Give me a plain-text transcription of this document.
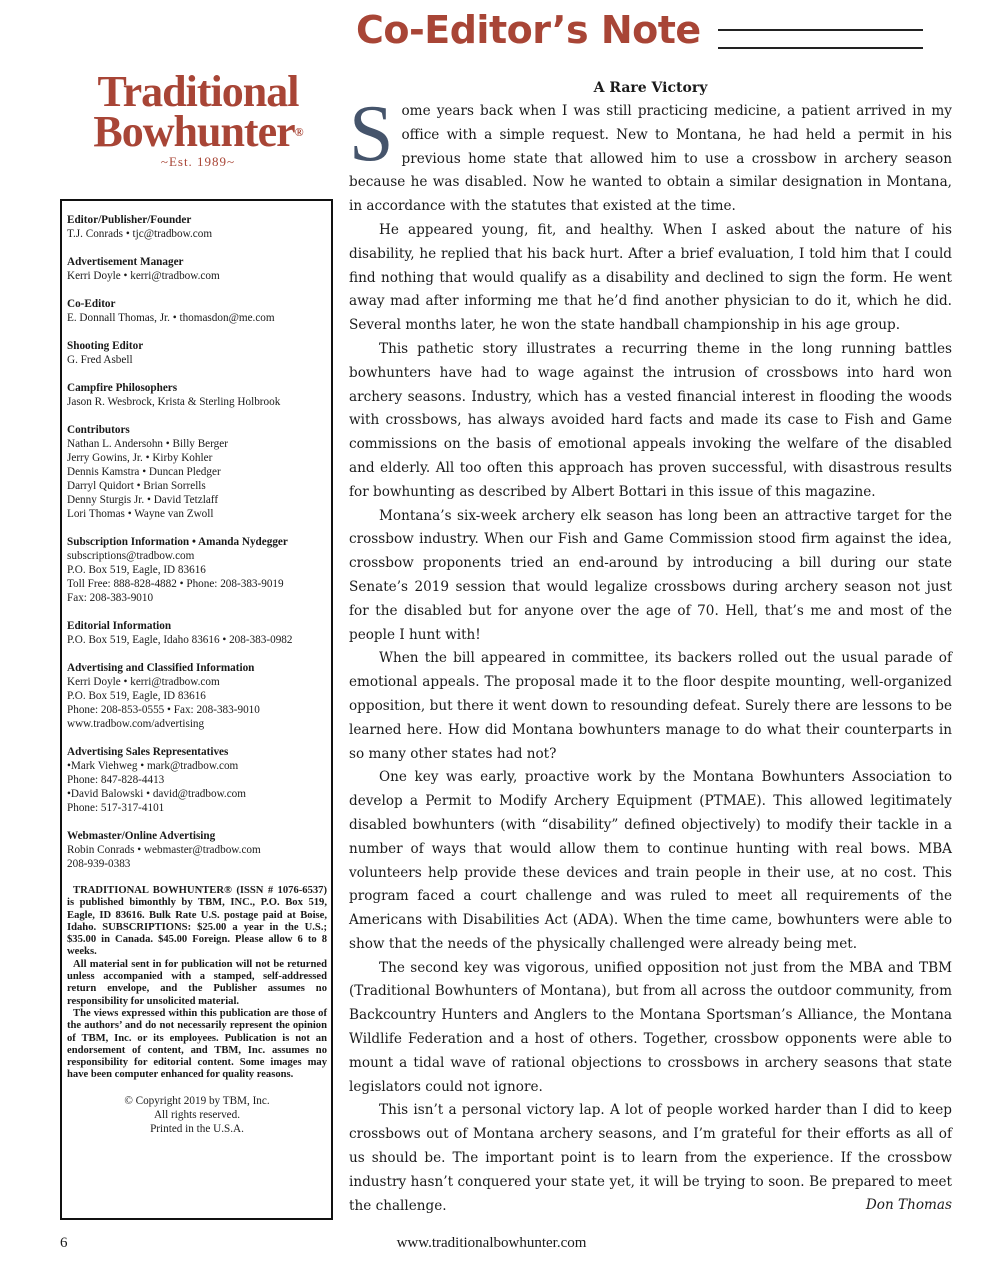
Co-Editor’s Note
Traditional
Bowhunter®
~Est. 1989~
Editor/Publisher/Founder
T.J. Conrads • tjc@tradbow.com
Advertisement Manager
Kerri Doyle • kerri@tradbow.com
Co-Editor
E. Donnall Thomas, Jr. • thomasdon@me.com
Shooting Editor
G. Fred Asbell
Campfire Philosophers
Jason R. Wesbrock, Krista & Sterling Holbrook
Contributors
Nathan L. Andersohn • Billy Berger
Jerry Gowins, Jr. • Kirby Kohler
Dennis Kamstra • Duncan Pledger
Darryl Quidort • Brian Sorrells
Denny Sturgis Jr. • David Tetzlaff
Lori Thomas • Wayne van Zwoll
Subscription Information • Amanda Nydegger
subscriptions@tradbow.com
P.O. Box 519, Eagle, ID 83616
Toll Free: 888-828-4882 • Phone: 208-383-9019
Fax: 208-383-9010
Editorial Information
P.O. Box 519, Eagle, Idaho 83616 • 208-383-0982
Advertising and Classified Information
Kerri Doyle • kerri@tradbow.com
P.O. Box 519, Eagle, ID 83616
Phone: 208-853-0555 • Fax: 208-383-9010
www.tradbow.com/advertising
Advertising Sales Representatives
•Mark Viehweg • mark@tradbow.com
Phone: 847-828-4413
•David Balowski • david@tradbow.com
Phone: 517-317-4101
Webmaster/Online Advertising
Robin Conrads • webmaster@tradbow.com
208-939-0383

TRADITIONAL BOWHUNTER® (ISSN # 1076-6537) is published bimonthly by TBM, INC., P.O. Box 519, Eagle, ID 83616. Bulk Rate U.S. postage paid at Boise, Idaho. SUBSCRIPTIONS: $25.00 a year in the U.S.; $35.00 in Canada. $45.00 Foreign. Please allow 6 to 8 weeks.

All material sent in for publication will not be returned unless accompanied with a stamped, self-addressed return envelope, and the Publisher assumes no responsibility for unsolicited material.

The views expressed within this publication are those of the authors’ and do not necessarily represent the opinion of TBM, Inc. or its employees. Publication is not an endorsement of content, and TBM, Inc. assumes no responsibility for editorial content. Some images may have been computer enhanced for quality reasons.

© Copyright 2019 by TBM, Inc.
All rights reserved.
Printed in the U.S.A.
A Rare Victory

Some years back when I was still practicing medicine, a patient arrived in my office with a simple request. New to Montana, he had held a permit in his previous home state that allowed him to use a crossbow in archery season because he was disabled. Now he wanted to obtain a similar designation in Montana, in accordance with the statutes that existed at the time.

He appeared young, fit, and healthy. When I asked about the nature of his disability, he replied that his back hurt. After a brief evaluation, I told him that I could find nothing that would qualify as a disability and declined to sign the form. He went away mad after informing me that he’d find another physician to do it, which he did. Several months later, he won the state handball championship in his age group.

This pathetic story illustrates a recurring theme in the long running battles bowhunters have had to wage against the intrusion of crossbows into hard won archery seasons. Industry, which has a vested financial interest in flooding the woods with crossbows, has always avoided hard facts and made its case to Fish and Game commissions on the basis of emotional appeals invoking the welfare of the disabled and elderly. All too often this approach has proven successful, with disastrous results for bowhunting as described by Albert Bottari in this issue of this magazine.

Montana’s six-week archery elk season has long been an attractive target for the crossbow industry. When our Fish and Game Commission stood firm against the idea, crossbow proponents tried an end-around by introducing a bill during our state Senate’s 2019 session that would legalize crossbows during archery season not just for the disabled but for anyone over the age of 70. Hell, that’s me and most of the people I hunt with!

When the bill appeared in committee, its backers rolled out the usual parade of emotional appeals. The proposal made it to the floor despite mounting, well-organized opposition, but there it went down to resounding defeat. Surely there are lessons to be learned here. How did Montana bowhunters manage to do what their counterparts in so many other states had not?

One key was early, proactive work by the Montana Bowhunters Association to develop a Permit to Modify Archery Equipment (PTMAE). This allowed legitimately disabled bowhunters (with “disability” defined objectively) to modify their tackle in a number of ways that would allow them to continue hunting with real bows. MBA volunteers help provide these devices and train people in their use, at no cost. This program faced a court challenge and was ruled to meet all requirements of the Americans with Disabilities Act (ADA). When the time came, bowhunters were able to show that the needs of the physically challenged were already being met.

The second key was vigorous, unified opposition not just from the MBA and TBM (Traditional Bowhunters of Montana), but from all across the outdoor community, from Backcountry Hunters and Anglers to the Montana Sportsman’s Alliance, the Montana Wildlife Federation and a host of others. Together, crossbow opponents were able to mount a tidal wave of rational objections to crossbows in archery seasons that state legislators could not ignore.

This isn’t a personal victory lap. A lot of people worked harder than I did to keep crossbows out of Montana archery seasons, and I’m grateful for their efforts as all of us should be. The important point is to learn from the experience. If the crossbow industry hasn’t conquered your state yet, it will be trying to soon. Be prepared to meet the challenge.	Don Thomas
www.traditionalbowhunter.com
6
